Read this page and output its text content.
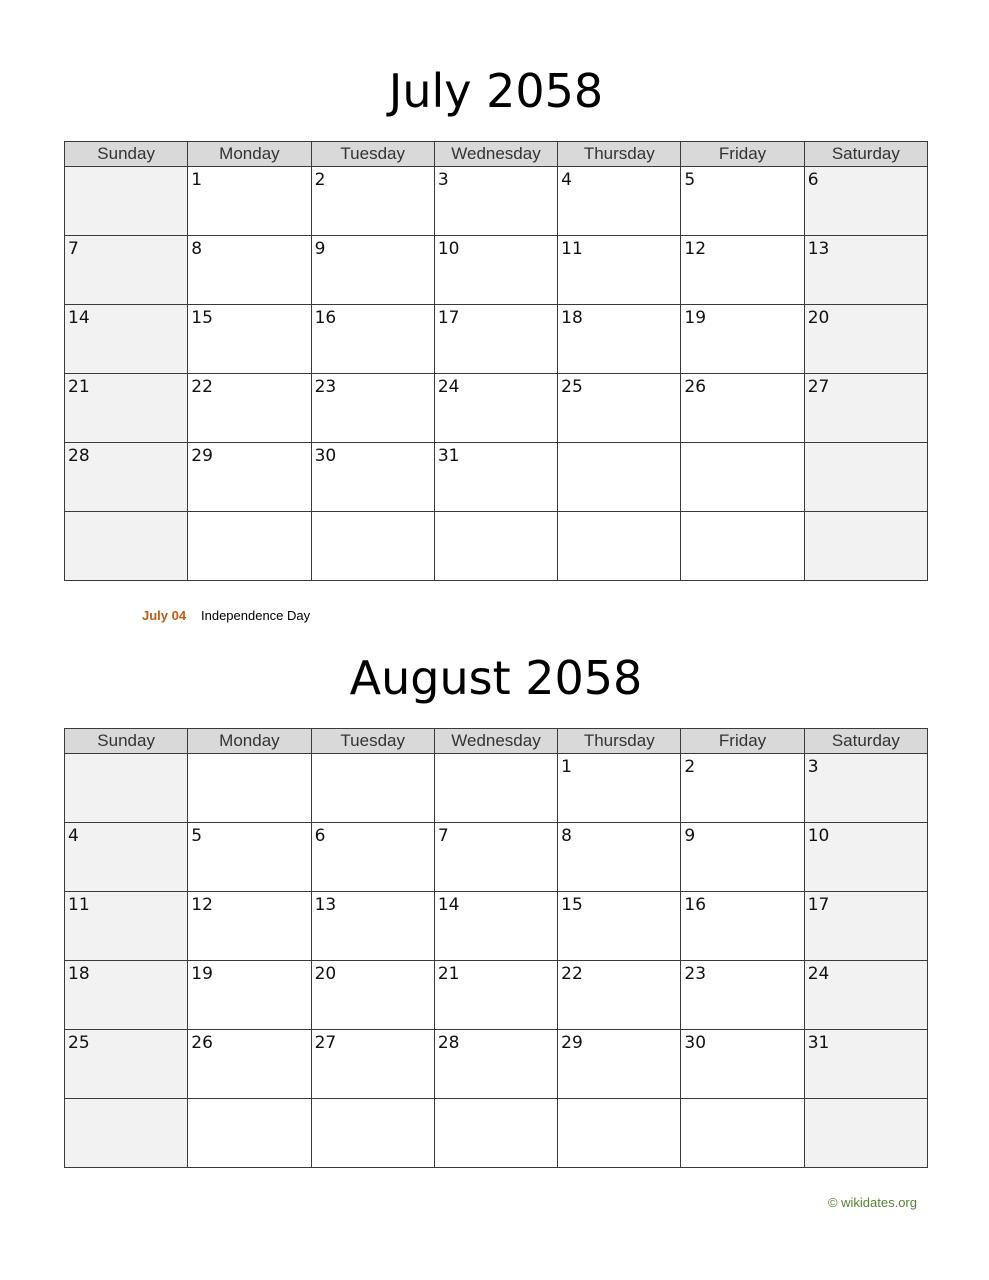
July 2058
Sunday	Monday	Tuesday	Wednesday	Thursday	Friday	Saturday

	1	2	3	4	5	6

7	8	9	10	11	12	13

14	15	16	17	18	19	20

21	22	23	24	25	26	27

28	29	30	31			

July 04 Independence Day
August 2058
Sunday	Monday	Tuesday	Wednesday	Thursday	Friday	Saturday

				1	2	3

4	5	6	7	8	9	10

11	12	13	14	15	16	17

18	19	20	21	22	23	24

25	26	27	28	29	30	31

© wikidates.org
